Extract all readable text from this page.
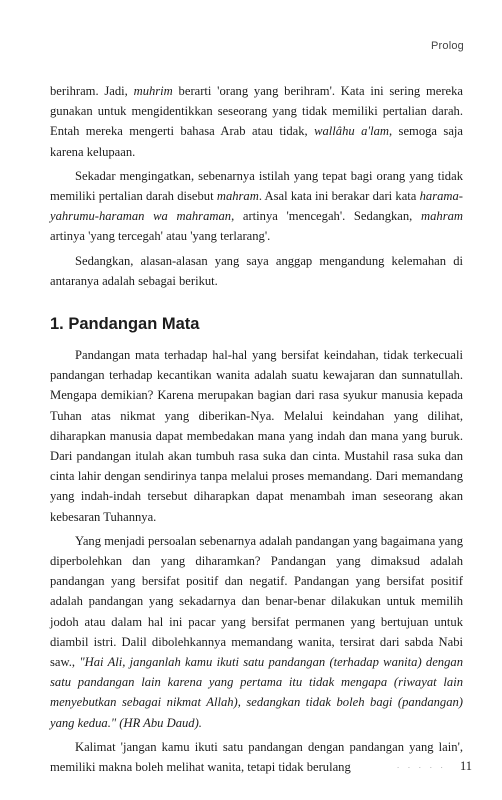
Prolog

berihram. Jadi, muhrim berarti 'orang yang berihram'. Kata ini sering mereka gunakan untuk mengidentikkan seseorang yang tidak memiliki pertalian darah. Entah mereka mengerti bahasa Arab atau tidak, wallâhu a'lam, semoga saja karena kelupaan.

Sekadar mengingatkan, sebenarnya istilah yang tepat bagi orang yang tidak memiliki pertalian darah disebut mahram. Asal kata ini berakar dari kata harama-yahrumu-haraman wa mahraman, artinya 'mencegah'. Sedangkan, mahram artinya 'yang tercegah' atau 'yang terlarang'.

Sedangkan, alasan-alasan yang saya anggap mengandung kelemahan di antaranya adalah sebagai berikut.

1. Pandangan Mata

Pandangan mata terhadap hal-hal yang bersifat keindahan, tidak terkecuali pandangan terhadap kecantikan wanita adalah suatu kewajaran dan sunnatullah. Mengapa demikian? Karena merupakan bagian dari rasa syukur manusia kepada Tuhan atas nikmat yang diberikan-Nya. Melalui keindahan yang dilihat, diharapkan manusia dapat membedakan mana yang indah dan mana yang buruk. Dari pandangan itulah akan tumbuh rasa suka dan cinta. Mustahil rasa suka dan cinta lahir dengan sendirinya tanpa melalui proses memandang. Dari memandang yang indah-indah tersebut diharapkan dapat menambah iman seseorang akan kebesaran Tuhannya.

Yang menjadi persoalan sebenarnya adalah pandangan yang bagaimana yang diperbolehkan dan yang diharamkan? Pandangan yang dimaksud adalah pandangan yang bersifat positif dan negatif. Pandangan yang bersifat positif adalah pandangan yang sekadarnya dan benar-benar dilakukan untuk memilih jodoh atau dalam hal ini pacar yang bersifat permanen yang bertujuan untuk diambil istri. Dalil dibolehkannya memandang wanita, tersirat dari sabda Nabi saw., "Hai Ali, janganlah kamu ikuti satu pandangan (terhadap wanita) dengan satu pandangan lain karena yang pertama itu tidak mengapa (riwayat lain menyebutkan sebagai nikmat Allah), sedangkan tidak boleh bagi (pandangan) yang kedua." (HR Abu Daud).

Kalimat 'jangan kamu ikuti satu pandangan dengan pandangan yang lain', memiliki makna boleh melihat wanita, tetapi tidak berulang	· · · · · 11
